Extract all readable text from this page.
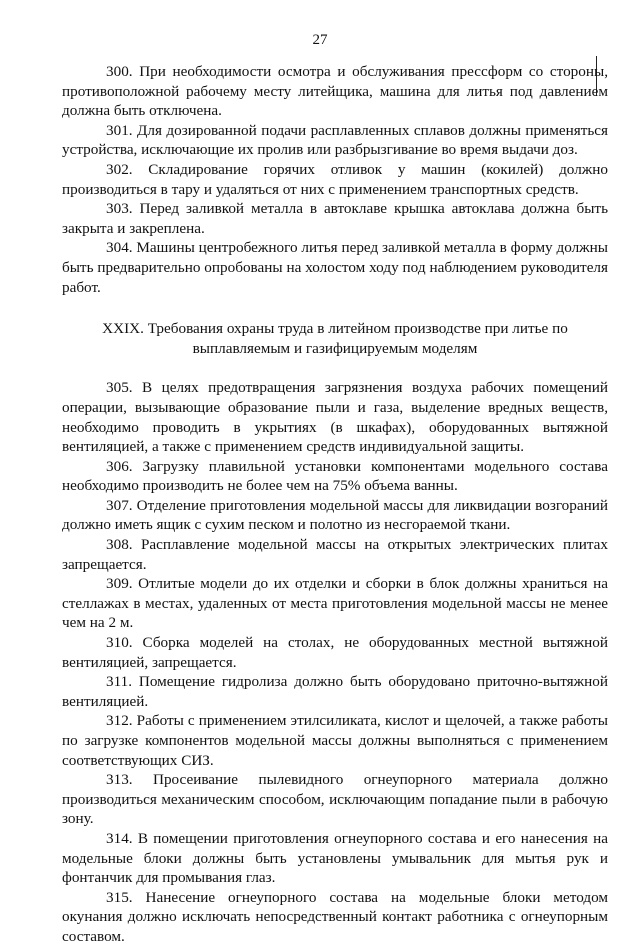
27

300. При необходимости осмотра и обслуживания прессформ со стороны, противоположной рабочему месту литейщика, машина для литья под давлением должна быть отключена.

301. Для дозированной подачи расплавленных сплавов должны применяться устройства, исключающие их пролив или разбрызгивание во время выдачи доз.

302. Складирование горячих отливок у машин (кокилей) должно производиться в тару и удаляться от них с применением транспортных средств.

303. Перед заливкой металла в автоклаве крышка автоклава должна быть закрыта и закреплена.

304. Машины центробежного литья перед заливкой металла в форму должны быть предварительно опробованы на холостом ходу под наблюдением руководителя работ.

XXIX. Требования охраны труда в литейном производстве при литье по
выплавляемым и газифицируемым моделям

305. В целях предотвращения загрязнения воздуха рабочих помещений операции, вызывающие образование пыли и газа, выделение вредных веществ, необходимо проводить в укрытиях (в шкафах), оборудованных вытяжной вентиляцией, а также с применением средств индивидуальной защиты.

306. Загрузку плавильной установки компонентами модельного состава необходимо производить не более чем на 75% объема ванны.

307. Отделение приготовления модельной массы для ликвидации возгораний должно иметь ящик с сухим песком и полотно из несгораемой ткани.

308. Расплавление модельной массы на открытых электрических плитах запрещается.

309. Отлитые модели до их отделки и сборки в блок должны храниться на стеллажах в местах, удаленных от места приготовления модельной массы не менее чем на 2 м.

310. Сборка моделей на столах, не оборудованных местной вытяжной вентиляцией, запрещается.

311. Помещение гидролиза должно быть оборудовано приточно-вытяжной вентиляцией.

312. Работы с применением этилсиликата, кислот и щелочей, а также работы по загрузке компонентов модельной массы должны выполняться с применением соответствующих СИЗ.

313. Просеивание пылевидного огнеупорного материала должно производиться механическим способом, исключающим попадание пыли в рабочую зону.

314. В помещении приготовления огнеупорного состава и его нанесения на модельные блоки должны быть установлены умывальник для мытья рук и фонтанчик для промывания глаз.

315. Нанесение огнеупорного состава на модельные блоки методом окунания должно исключать непосредственный контакт работника с огнеупорным составом.
